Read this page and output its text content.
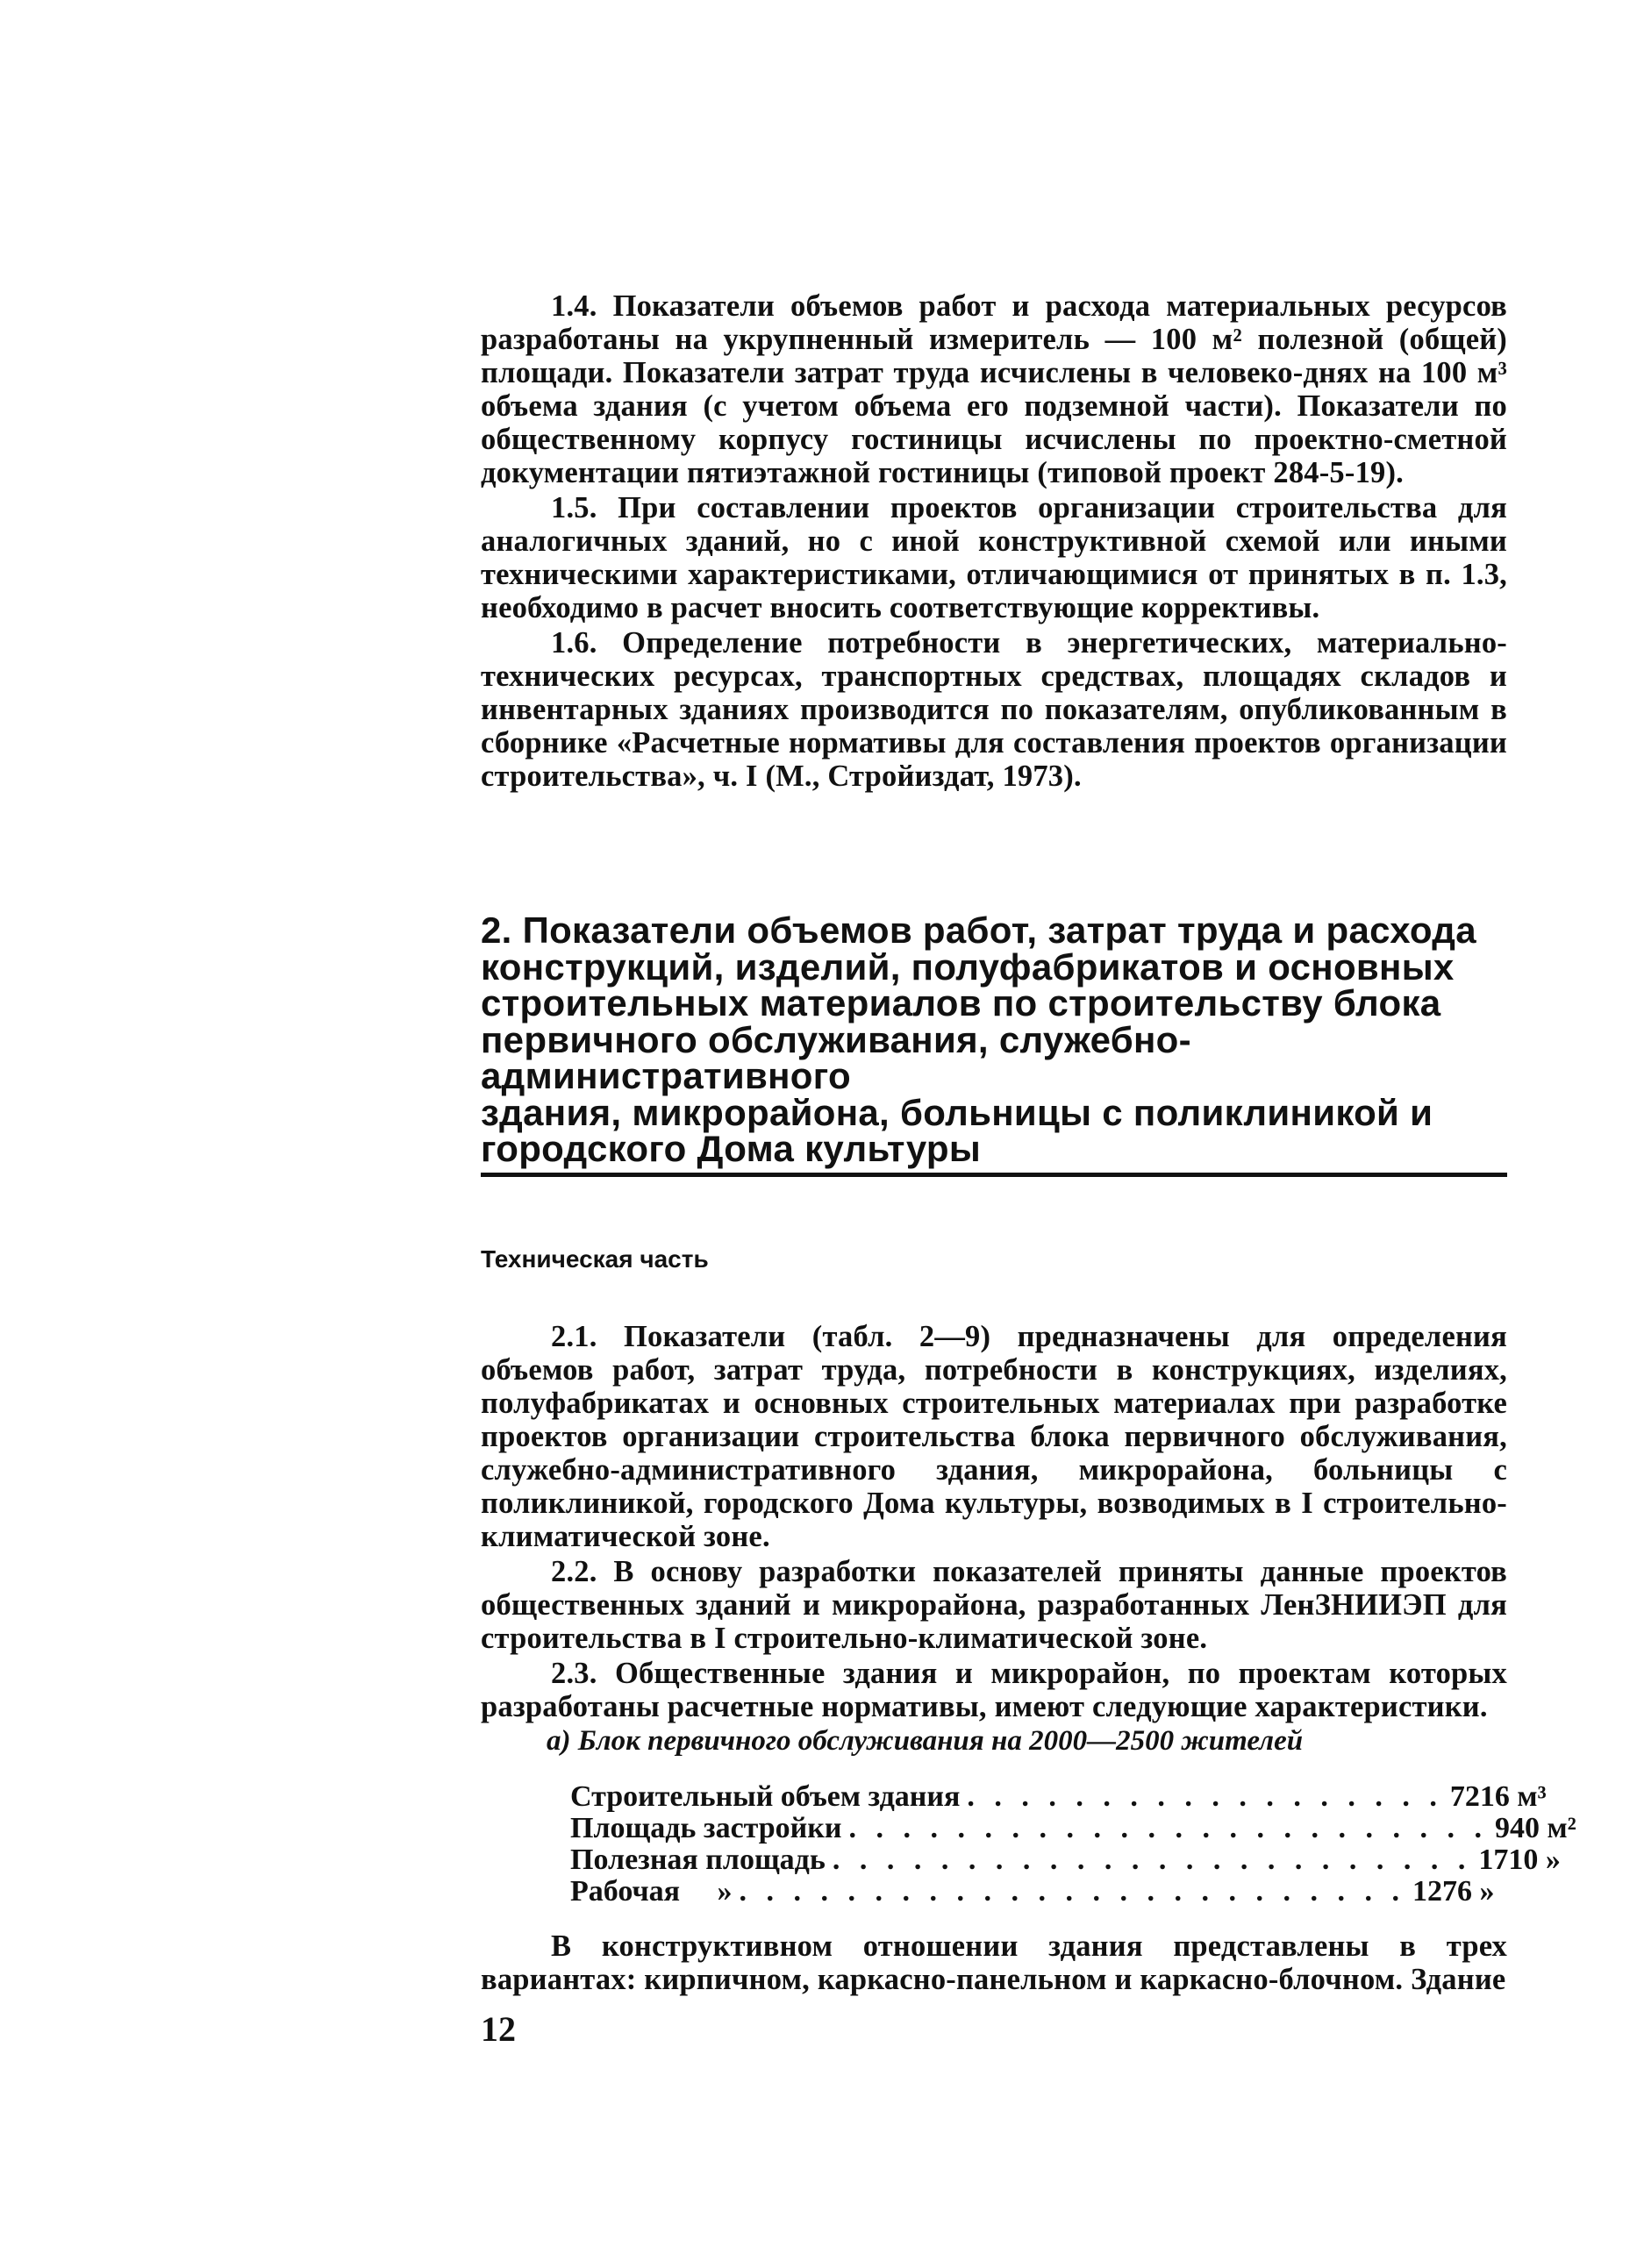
1.4. Показатели объемов работ и расхода материальных ресурсов разработаны на укрупненный измеритель — 100 м² полезной (общей) площади. Показатели затрат труда исчислены в человеко-днях на 100 м³ объема здания (с учетом объема его подземной части). Показатели по общественному корпусу гостиницы исчислены по проектно-сметной документации пятиэтажной гостиницы (типовой проект 284-5-19).

1.5. При составлении проектов организации строительства для аналогичных зданий, но с иной конструктивной схемой или иными техническими характеристиками, отличающимися от принятых в п. 1.3, необходимо в расчет вносить соответствующие коррективы.

1.6. Определение потребности в энергетических, материально-технических ресурсах, транспортных средствах, площадях складов и инвентарных зданиях производится по показателям, опубликованным в сборнике «Расчетные нормативы для составления проектов организации строительства», ч. I (М., Стройиздат, 1973).

2. Показатели объемов работ, затрат труда и расхода
конструкций, изделий, полуфабрикатов и основных
строительных материалов по строительству блока
первичного обслуживания, служебно-административного
здания, микрорайона, больницы с поликлиникой и
городского Дома культуры
Техническая часть

2.1. Показатели (табл. 2—9) предназначены для определения объемов работ, затрат труда, потребности в конструкциях, изделиях, полуфабрикатах и основных строительных материалах при разработке проектов организации строительства блока первичного обслуживания, служебно-административного здания, микрорайона, больницы с поликлиникой, городского Дома культуры, возводимых в I строительно-климатической зоне.

2.2. В основу разработки показателей приняты данные проектов общественных зданий и микрорайона, разработанных ЛенЗНИИЭП для строительства в I строительно-климатической зоне.

2.3. Общественные здания и микрорайон, по проектам которых разработаны расчетные нормативы, имеют следующие характеристики.

а) Блок первичного обслуживания на 2000—2500 жителей

Строительный объем здания . . . . . . . . . . . . . . . . . . 7216 м³
Площадь застройки . . . . . . . . . . . . . . . . . . . . . . . . 940 м²
Полезная площадь . . . . . . . . . . . . . . . . . . . . . . . . 1710 »
Рабочая     » . . . . . . . . . . . . . . . . . . . . . . . . . 1276 »

В конструктивном отношении здания представлены в трех вариантах: кирпичном, каркасно-панельном и каркасно-блочном. Здание

12
